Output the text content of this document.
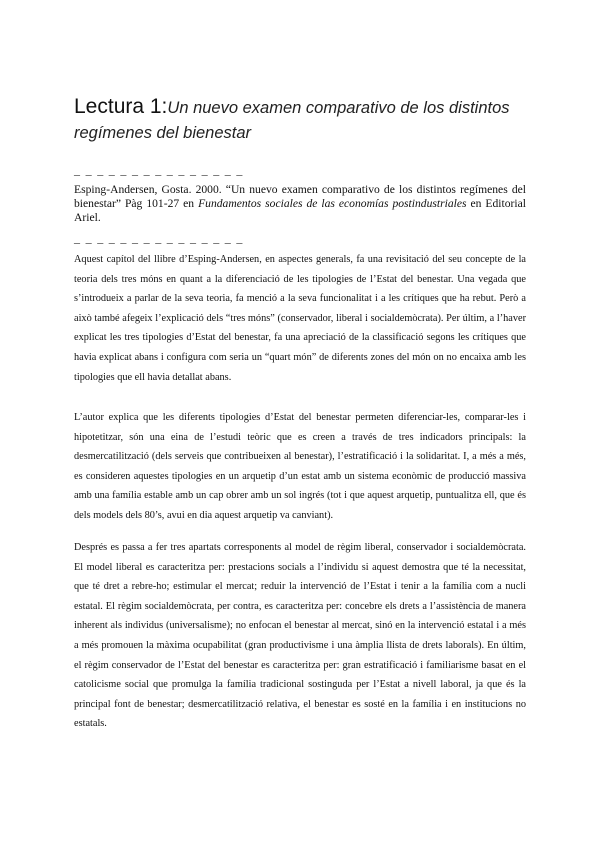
Lectura 1:Un nuevo examen comparativo de los distintos regímenes del bienestar
_ _ _ _ _ _ _ _ _ _ _ _ _ _ _
Esping-Andersen, Gosta. 2000. “Un nuevo examen comparativo de los distintos regímenes del bienestar” Pàg 101-27 en Fundamentos sociales de las economías postindustriales en Editorial Ariel.
_ _ _ _ _ _ _ _ _ _ _ _ _ _ _

Aquest capítol del llibre d’Esping-Andersen, en aspectes generals, fa una revisitació del seu concepte de la teoria dels tres móns en quant a la diferenciació de les tipologies de l’Estat del benestar. Una vegada que s’introdueix a parlar de la seva teoria, fa menció a la seva funcionalitat i a les crítiques que ha rebut. Però a això també afegeix l’explicació dels “tres móns” (conservador, liberal i socialdemòcrata). Per últim, a l’haver explicat les tres tipologies d’Estat del benestar, fa una apreciació de la classificació segons les crítiques que havia explicat abans i configura com seria un “quart món” de diferents zones del món on no encaixa amb les tipologies que ell havia detallat abans.

L’autor explica que les diferents tipologies d’Estat del benestar permeten diferenciar-les, comparar-les i hipotetitzar, són una eina de l’estudi teòric que es creen a través de tres indicadors principals: la desmercatilització (dels serveis que contribueixen al benestar), l’estratificació i la solidaritat. I, a més a més, es consideren aquestes tipologies en un arquetip d’un estat amb un sistema econòmic de producció massiva amb una família estable amb un cap obrer amb un sol ingrés (tot i que aquest arquetip, puntualitza ell, que és dels models dels 80’s, avui en dia aquest arquetip va canviant).

Després es passa a fer tres apartats corresponents al model de règim liberal, conservador i socialdemòcrata. El model liberal es caracteritza per: prestacions socials a l’individu si aquest demostra que té la necessitat, que té dret a rebre-ho; estimular el mercat; reduir la intervenció de l’Estat i tenir a la família com a nucli estatal. El règim socialdemòcrata, per contra, es caracteritza per: concebre els drets a l’assistència de manera inherent als individus (universalisme); no enfocan el benestar al mercat, sinó en la intervenció estatal i a més a més promouen la màxima ocupabilitat (gran productivisme i una àmplia llista de drets laborals). En últim, el règim conservador de l’Estat del benestar es caracteritza per: gran estratificació i familiarisme basat en el catolicisme social que promulga la família tradicional sostinguda per l’Estat a nivell laboral, ja que és la principal font de benestar; desmercatilització relativa, el benestar es sosté en la família i en institucions no estatals.
